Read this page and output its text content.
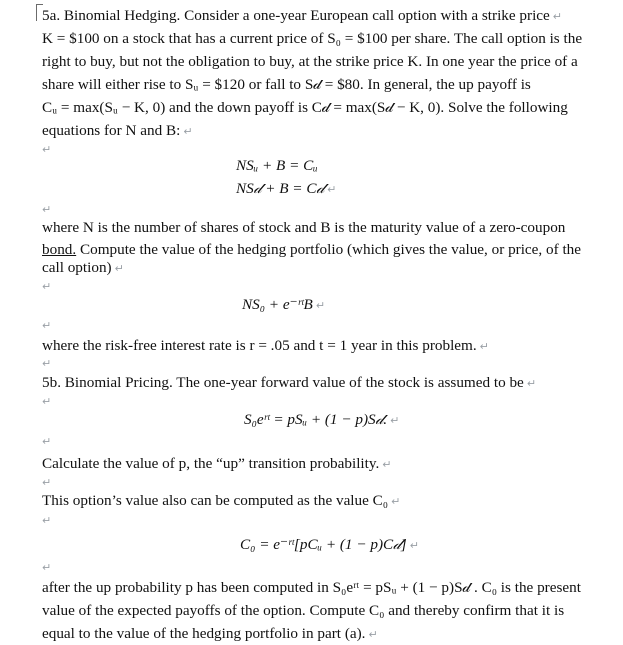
5a. Binomial Hedging. Consider a one-year European call option with a strike price ↵
K = $100 on a stock that has a current price of S₀ = $100 per share. The call option is the
right to buy, but not the obligation to buy, at the strike price K. In one year the price of a
share will either rise to Sᵤ = $120 or fall to S𝒹 = $80. In general, the up payoff is
Cᵤ = max(Sᵤ − K, 0) and the down payoff is C𝒹 = max(S𝒹 − K, 0). Solve the following
equations for N and B: ↵
↵
NSᵤ + B = Cᵤ
NS𝒹 + B = C𝒹 ↵
↵
where N is the number of shares of stock and B is the maturity value of a zero-coupon
bond. Compute the value of the hedging portfolio (which gives the value, or price, of the
call option) ↵
↵
NS₀ + e⁻ʳᵗB ↵
↵
where the risk-free interest rate is r = .05 and t = 1 year in this problem. ↵
↵
5b. Binomial Pricing. The one-year forward value of the stock is assumed to be ↵
↵
S₀eʳᵗ = pSᵤ + (1 − p)S𝒹. ↵
↵
Calculate the value of p, the “up” transition probability. ↵
↵
This option’s value also can be computed as the value C₀ ↵
↵
C₀ = e⁻ʳᵗ[pCᵤ + (1 − p)C𝒹] ↵
↵
after the up probability p has been computed in S₀eʳᵗ = pSᵤ + (1 − p)S𝒹 . C₀ is the present
value of the expected payoffs of the option. Compute C₀ and thereby confirm that it is
equal to the value of the hedging portfolio in part (a). ↵
